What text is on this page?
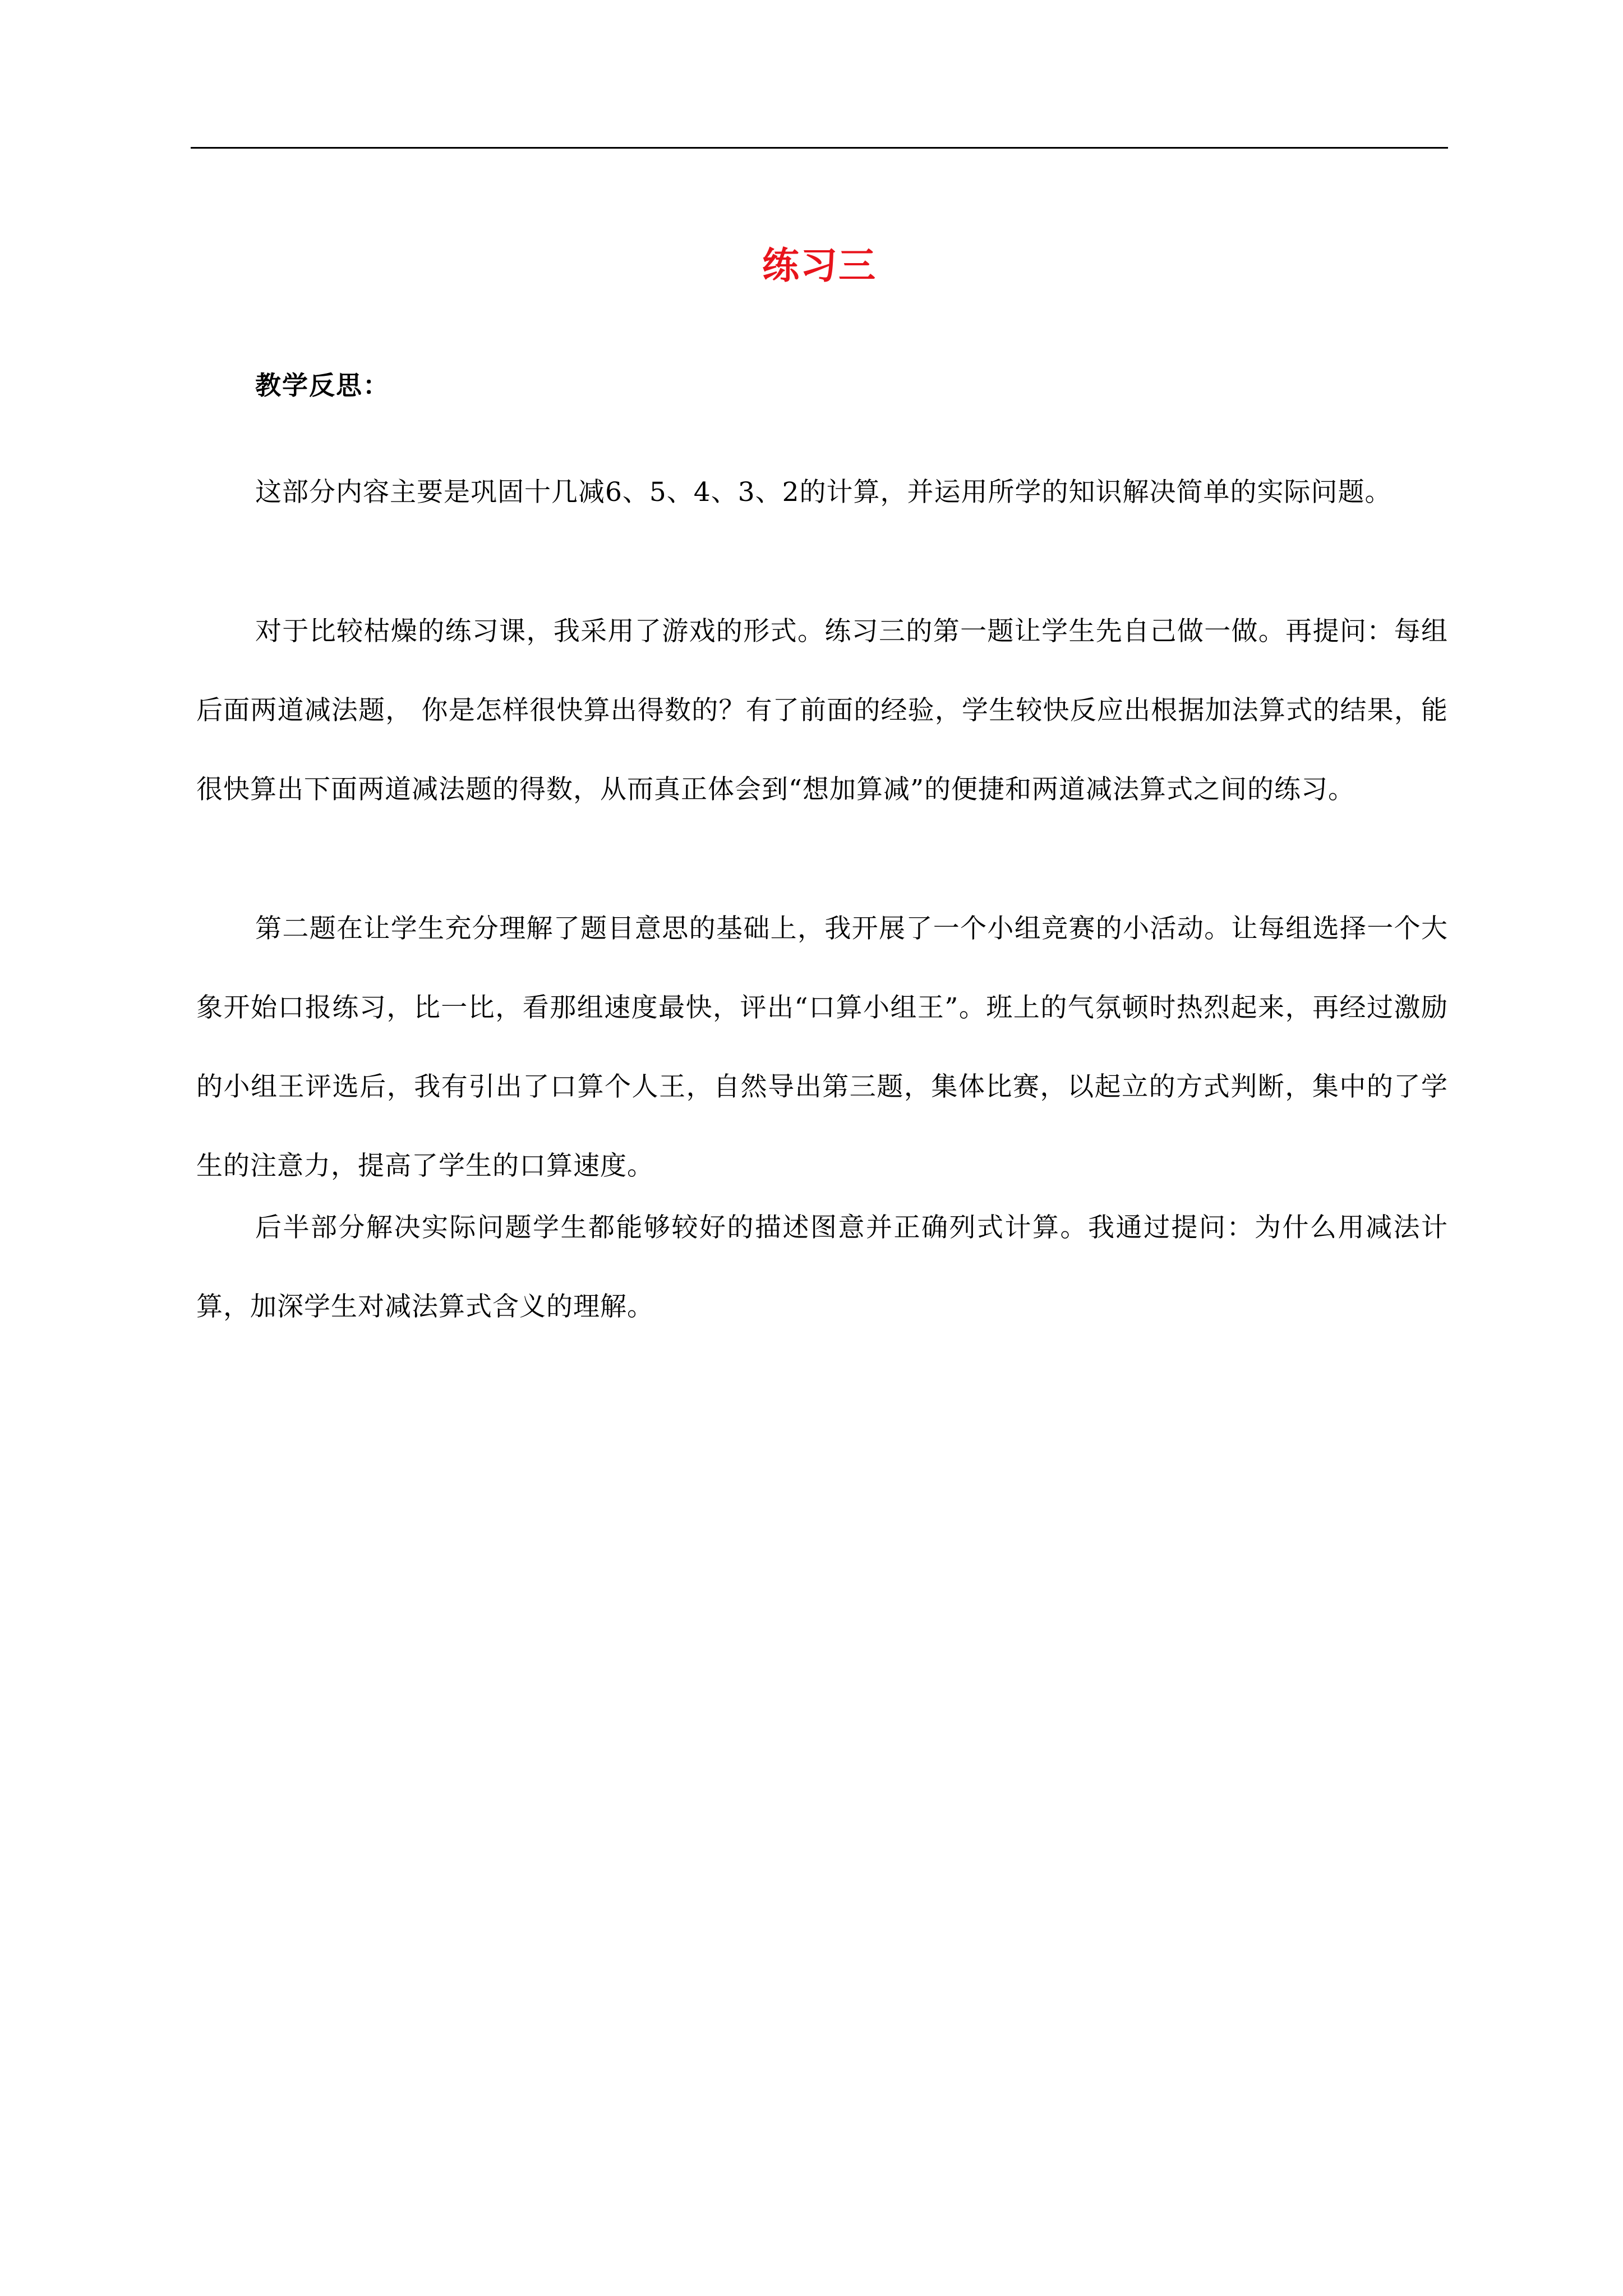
练习三
教学反思：

这部分内容主要是巩固十几减6、5、4、3、2的计算，并运用所学的知识解决简单的实际问题。

对于比较枯燥的练习课，我采用了游戏的形式。练习三的第一题让学生先自己做一做。再提问：每组后面两道减法题， 你是怎样很快算出得数的？有了前面的经验，学生较快反应出根据加法算式的结果，能很快算出下面两道减法题的得数，从而真正体会到“想加算减”的便捷和两道减法算式之间的练习。

第二题在让学生充分理解了题目意思的基础上，我开展了一个小组竞赛的小活动。让每组选择一个大象开始口报练习，比一比，看那组速度最快，评出“口算小组王”。班上的气氛顿时热烈起来，再经过激励的小组王评选后，我有引出了口算个人王，自然导出第三题，集体比赛，以起立的方式判断，集中的了学生的注意力，提高了学生的口算速度。

后半部分解决实际问题学生都能够较好的描述图意并正确列式计算。我通过提问：为什么用减法计算，加深学生对减法算式含义的理解。
